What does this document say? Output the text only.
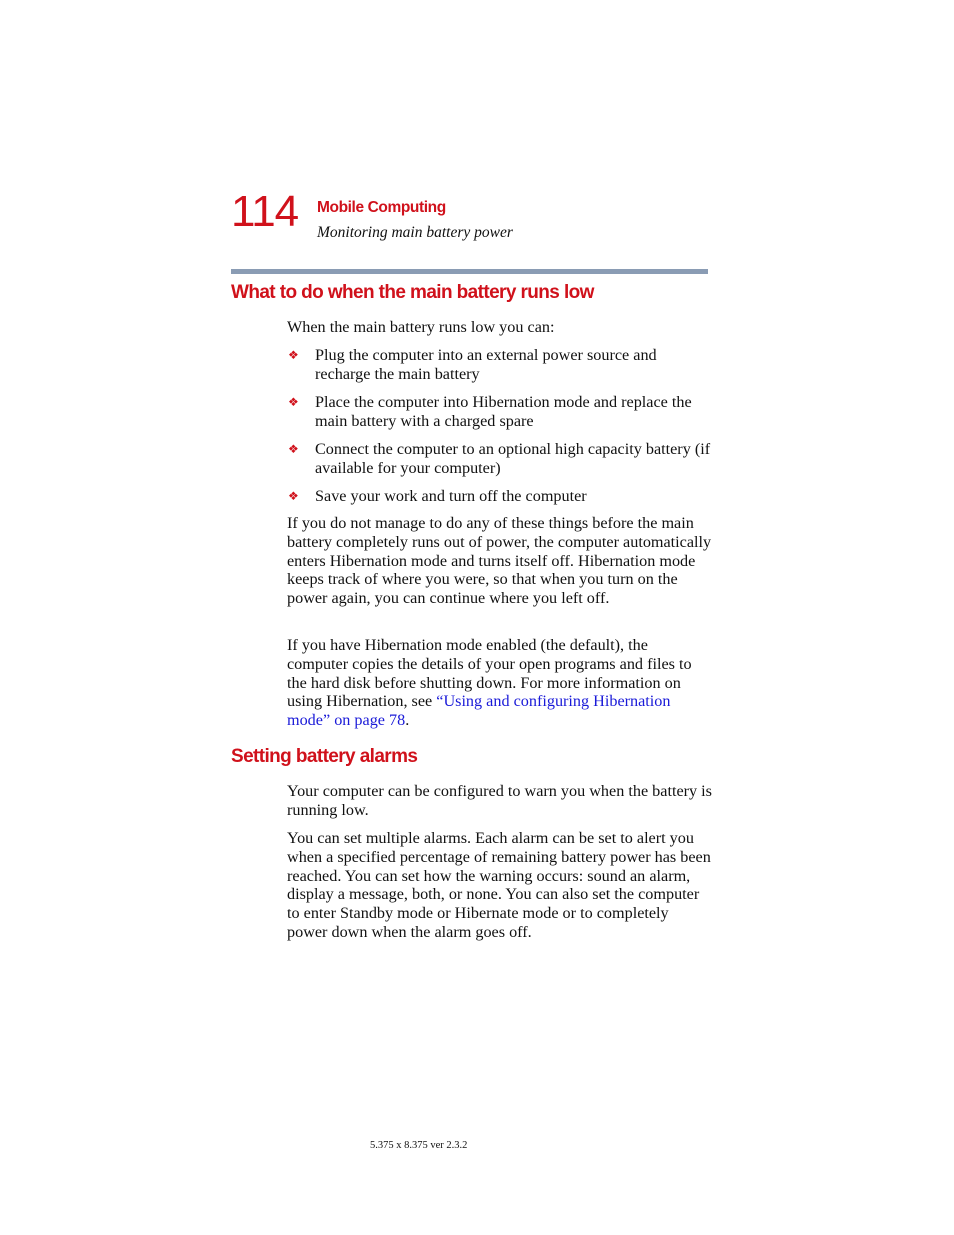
114 Mobile Computing
Monitoring main battery power
What to do when the main battery runs low

When the main battery runs low you can:

❖ Plug the computer into an external power source and recharge the main battery
❖ Place the computer into Hibernation mode and replace the main battery with a charged spare
❖ Connect the computer to an optional high capacity battery (if available for your computer)
❖ Save your work and turn off the computer

If you do not manage to do any of these things before the main battery completely runs out of power, the computer automatically enters Hibernation mode and turns itself off. Hibernation mode keeps track of where you were, so that when you turn on the power again, you can continue where you left off.

If you have Hibernation mode enabled (the default), the computer copies the details of your open programs and files to the hard disk before shutting down. For more information on using Hibernation, see “Using and configuring Hibernation mode” on page 78.

Setting battery alarms

Your computer can be configured to warn you when the battery is running low.

You can set multiple alarms. Each alarm can be set to alert you when a specified percentage of remaining battery power has been reached. You can set how the warning occurs: sound an alarm, display a message, both, or none. You can also set the computer to enter Standby mode or Hibernate mode or to completely power down when the alarm goes off.

5.375 x 8.375 ver 2.3.2
